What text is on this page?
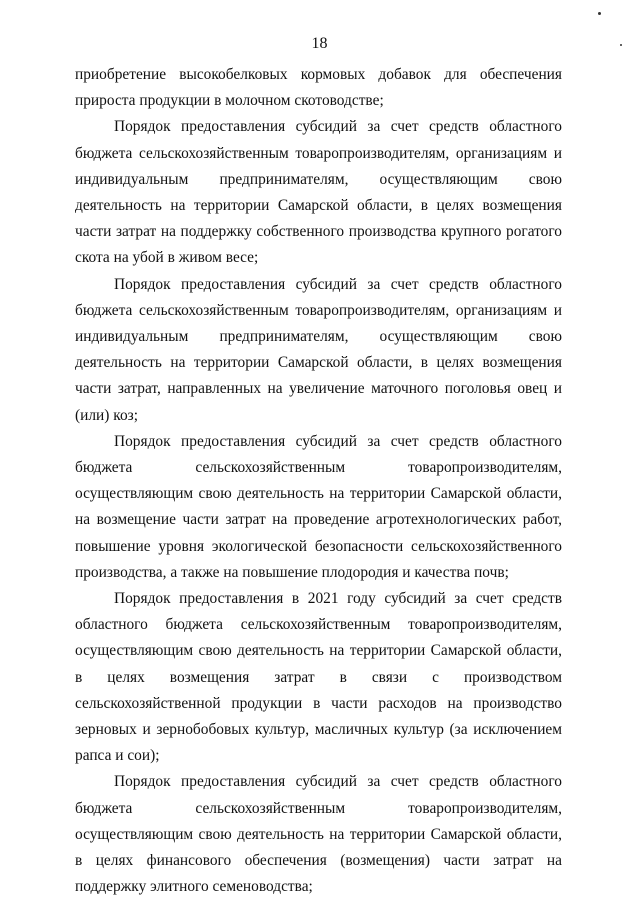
18

приобретение высокобелковых кормовых добавок для обеспечения прироста продукции в молочном скотоводстве;

Порядок предоставления субсидий за счет средств областного бюджета сельскохозяйственным товаропроизводителям, организациям и индивидуальным предпринимателям, осуществляющим свою деятельность на территории Самарской области, в целях возмещения части затрат на поддержку собственного производства крупного рогатого скота на убой в живом весе;

Порядок предоставления субсидий за счет средств областного бюджета сельскохозяйственным товаропроизводителям, организациям и индивидуальным предпринимателям, осуществляющим свою деятельность на территории Самарской области, в целях возмещения части затрат, направленных на увеличение маточного поголовья овец и (или) коз;

Порядок предоставления субсидий за счет средств областного бюджета сельскохозяйственным товаропроизводителям, осуществляющим свою деятельность на территории Самарской области, на возмещение части затрат на проведение агротехнологических работ, повышение уровня экологической безопасности сельскохозяйственного производства, а также на повышение плодородия и качества почв;

Порядок предоставления в 2021 году субсидий за счет средств областного бюджета сельскохозяйственным товаропроизводителям, осуществляющим свою деятельность на территории Самарской области, в целях возмещения затрат в связи с производством сельскохозяйственной продукции в части расходов на производство зерновых и зернобобовых культур, масличных культур (за исключением рапса и сои);

Порядок предоставления субсидий за счет средств областного бюджета сельскохозяйственным товаропроизводителям, осуществляющим свою деятельность на территории Самарской области, в целях финансового обеспечения (возмещения) части затрат на поддержку элитного семеноводства;
